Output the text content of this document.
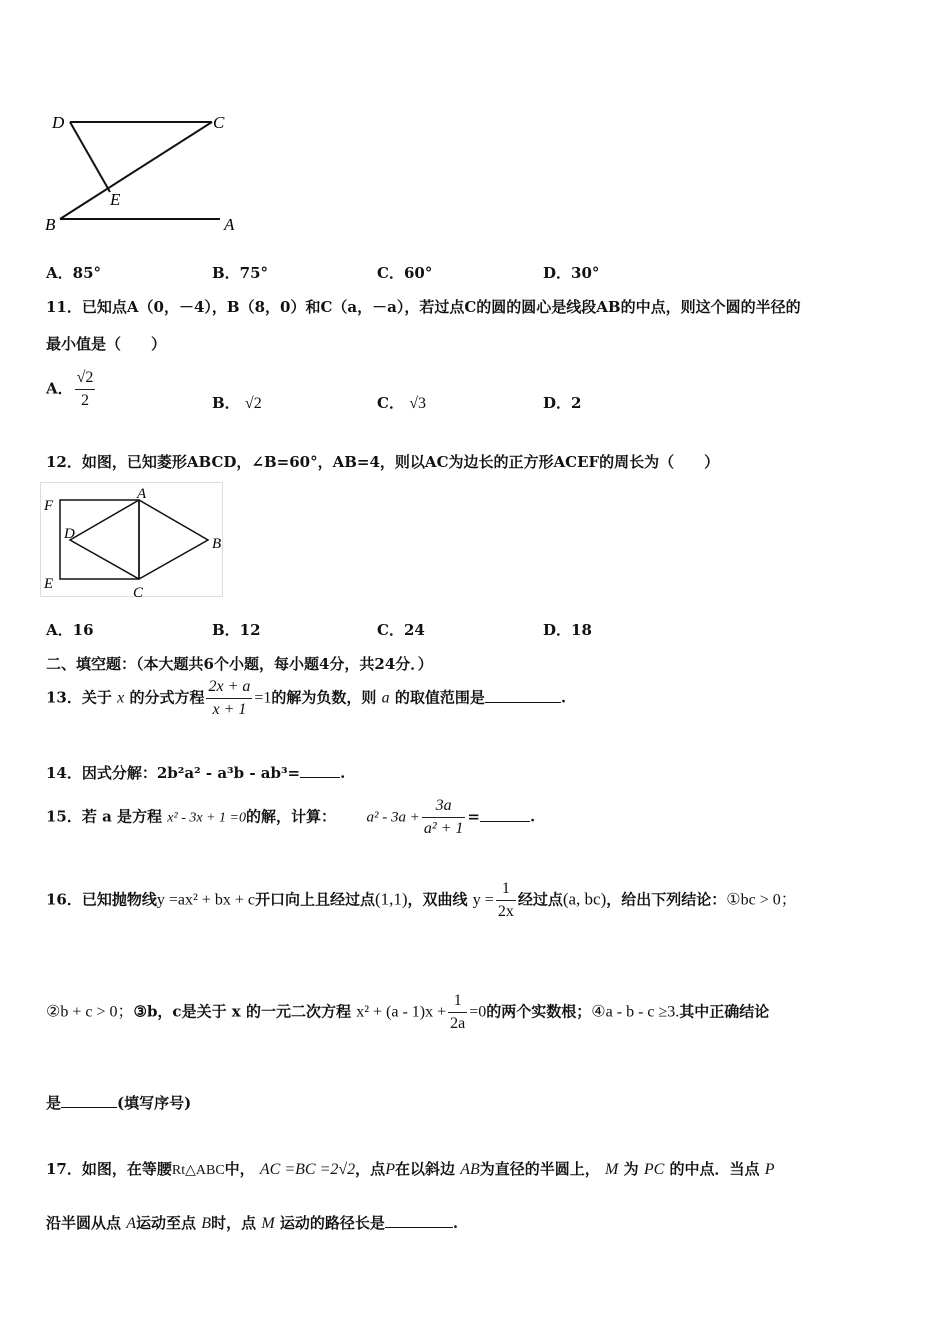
D	C
E
B	A
A．85°	B．75°	C．60°	D．30°
11．已知点A（0，－4），B（8，0）和C（a，－a），若过点C的圆的圆心是线段AB的中点，则这个圆的半径的
最小值是（　　）
A． $\frac{√2}{2}$	B． √2	C． √3	D．2
12．如图，已知菱形ABCD，∠B=60°，AB=4，则以AC为边长的正方形ACEF的周长为（　　）
F
A
D
B
E
C
A．16	B．12	C．24	D．18
二、填空题：（本大题共6个小题，每小题4分，共24分．）
13．关于 x 的分式方程 $\frac{2x + a}{x + 1} =1$的解为负数，则 a 的取值范围是	.
14．因式分解：2b²a² - a³b - ab³=	.
15．若 a 是方程 x² - 3x + 1 =0的解，计算： $a^2 - 3a + \frac{3a}{\text{a² + 1}}$ =	.
16．已知抛物线y =ax² + bx + c开口向上且经过点(1,1)，双曲线 $y = \frac{1}{2x}$ 经过点(a, bc)，给出下列结论：①bc > 0；
②b + c > 0；③b，c是关于 x 的一元二次方程 $x^2 + (a - 1)x + \frac{1}{2a} =0$的两个实数根；④a - b - c ≥3.其中正确结论
是	(填写序号)
17．如图，在等腰Rt△ABC中， AC =BC =2√2，点P在以斜边 AB为直径的半圆上， M 为 PC 的中点．当点 P
沿半圆从点 A运动至点 B时，点 M 运动的路径长是	.
